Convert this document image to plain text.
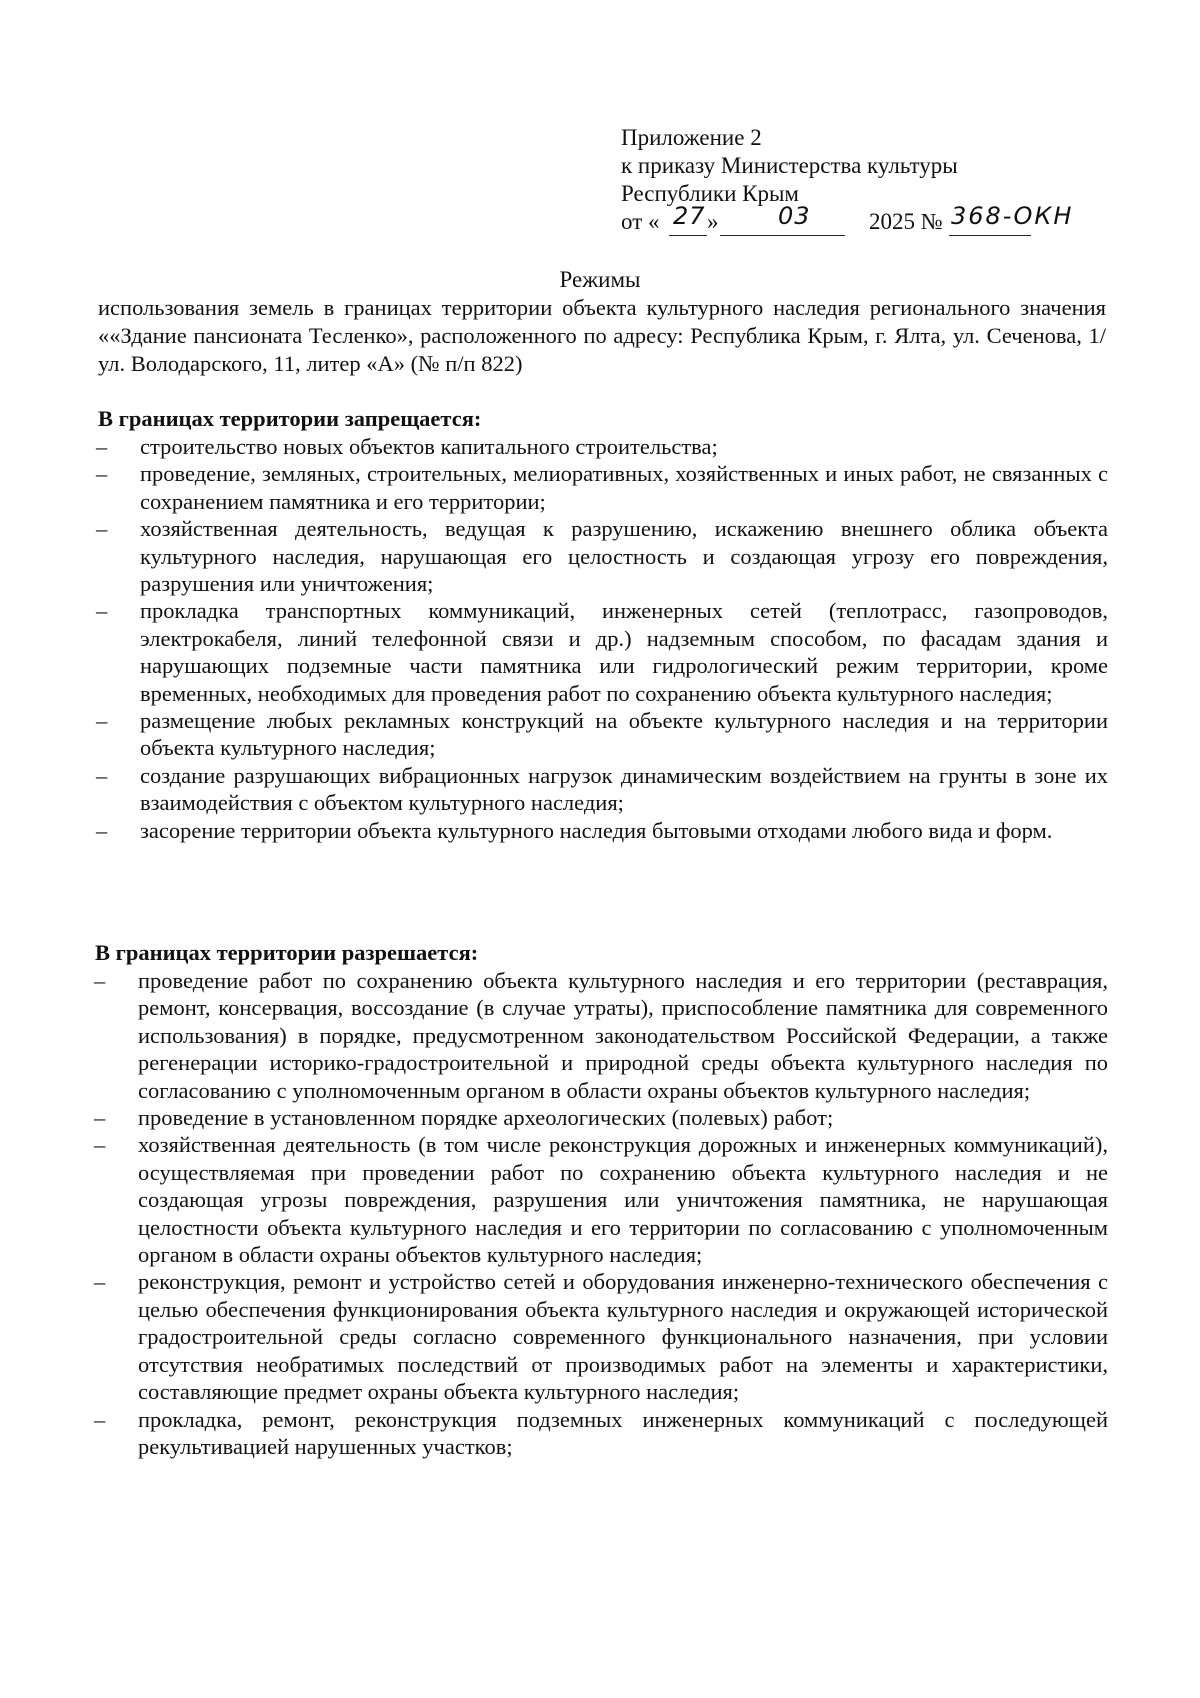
Приложение 2
к приказу Министерства культуры
Республики Крым
от « 27 » 03	2025 № 368-ОКН
Режимы
использования земель в границах территории объекта культурного наследия регионального значения ««Здание пансионата Тесленко», расположенного по адресу: Республика Крым, г. Ялта, ул. Сеченова, 1/ул. Володарского, 11, литер «А» (№ п/п 822)
В границах территории запрещается:
–	строительство новых объектов капитального строительства;
–	проведение, земляных, строительных, мелиоративных, хозяйственных и иных работ, не связанных с сохранением памятника и его территории;
–	хозяйственная деятельность, ведущая к разрушению, искажению внешнего облика объекта культурного наследия, нарушающая его целостность и создающая угрозу его повреждения, разрушения или уничтожения;
–	прокладка транспортных коммуникаций, инженерных сетей (теплотрасс, газопроводов, электрокабеля, линий телефонной связи и др.) надземным способом, по фасадам здания и нарушающих подземные части памятника или гидрологический режим территории, кроме временных, необходимых для проведения работ по сохранению объекта культурного наследия;
–	размещение любых рекламных конструкций на объекте культурного наследия и на территории объекта культурного наследия;
–	создание разрушающих вибрационных нагрузок динамическим воздействием на грунты в зоне их взаимодействия с объектом культурного наследия;
–	засорение территории объекта культурного наследия бытовыми отходами любого вида и форм.
В границах территории разрешается:
–	проведение работ по сохранению объекта культурного наследия и его территории (реставрация, ремонт, консервация, воссоздание (в случае утраты), приспособление памятника для современного использования) в порядке, предусмотренном законодательством Российской Федерации, а также регенерации историко-градостроительной и природной среды объекта культурного наследия по согласованию с уполномоченным органом в области охраны объектов культурного наследия;
–	проведение в установленном порядке археологических (полевых) работ;
–	хозяйственная деятельность (в том числе реконструкция дорожных и инженерных коммуникаций), осуществляемая при проведении работ по сохранению объекта культурного наследия и не создающая угрозы повреждения, разрушения или уничтожения памятника, не нарушающая целостности объекта культурного наследия и его территории по согласованию с уполномоченным органом в области охраны объектов культурного наследия;
–	реконструкция, ремонт и устройство сетей и оборудования инженерно-технического обеспечения с целью обеспечения функционирования объекта культурного наследия и окружающей исторической градостроительной среды согласно современного функционального назначения, при условии отсутствия необратимых последствий от производимых работ на элементы и характеристики, составляющие предмет охраны объекта культурного наследия;
–	прокладка, ремонт, реконструкция подземных инженерных коммуникаций с последующей рекультивацией нарушенных участков;
